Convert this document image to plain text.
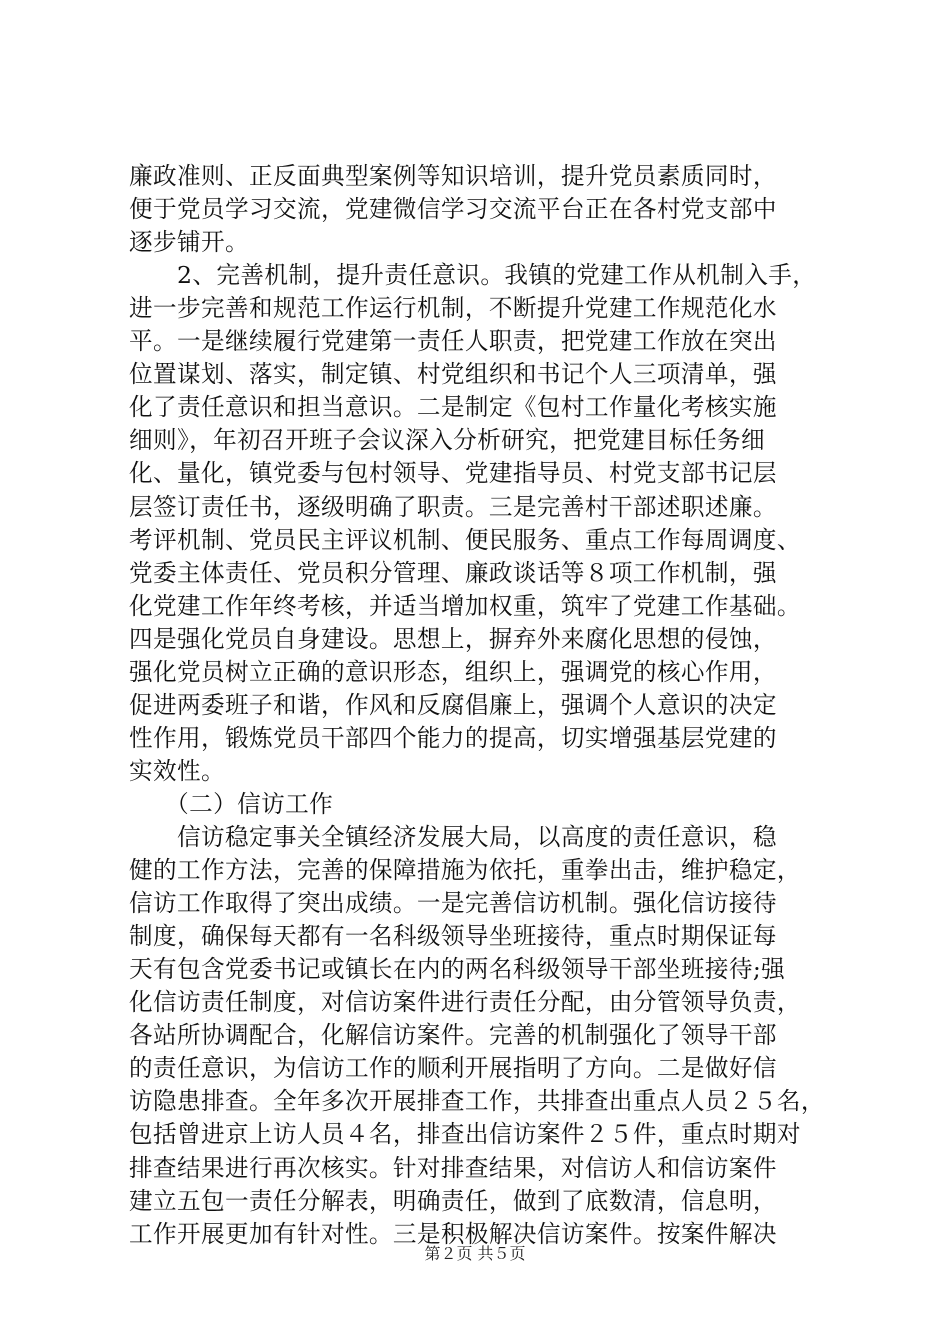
廉政准则、正反面典型案例等知识培训，提升党员素质同时，
便于党员学习交流，党建微信学习交流平台正在各村党支部中
逐步铺开。
　　2、完善机制，提升责任意识。我镇的党建工作从机制入手，
进一步完善和规范工作运行机制，不断提升党建工作规范化水
平。一是继续履行党建第一责任人职责，把党建工作放在突出
位置谋划、落实，制定镇、村党组织和书记个人三项清单，强
化了责任意识和担当意识。二是制定《包村工作量化考核实施
细则》，年初召开班子会议深入分析研究，把党建目标任务细
化、量化，镇党委与包村领导、党建指导员、村党支部书记层
层签订责任书，逐级明确了职责。三是完善村干部述职述廉。
考评机制、党员民主评议机制、便民服务、重点工作每周调度、
党委主体责任、党员积分管理、廉政谈话等８项工作机制，强
化党建工作年终考核，并适当增加权重，筑牢了党建工作基础。
四是强化党员自身建设。思想上，摒弃外来腐化思想的侵蚀，
强化党员树立正确的意识形态，组织上，强调党的核心作用，
促进两委班子和谐，作风和反腐倡廉上，强调个人意识的决定
性作用，锻炼党员干部四个能力的提高，切实增强基层党建的
实效性。
　　（二）信访工作
　　信访稳定事关全镇经济发展大局，以高度的责任意识，稳
健的工作方法，完善的保障措施为依托，重拳出击，维护稳定，
信访工作取得了突出成绩。一是完善信访机制。强化信访接待
制度，确保每天都有一名科级领导坐班接待，重点时期保证每
天有包含党委书记或镇长在内的两名科级领导干部坐班接待;强
化信访责任制度，对信访案件进行责任分配，由分管领导负责，
各站所协调配合，化解信访案件。完善的机制强化了领导干部
的责任意识，为信访工作的顺利开展指明了方向。二是做好信
访隐患排查。全年多次开展排查工作，共排查出重点人员２５名，
包括曾进京上访人员４名，排查出信访案件２５件，重点时期对
排查结果进行再次核实。针对排查结果，对信访人和信访案件
建立五包一责任分解表，明确责任，做到了底数清，信息明，
工作开展更加有针对性。三是积极解决信访案件。按案件解决
第２页 共５页
